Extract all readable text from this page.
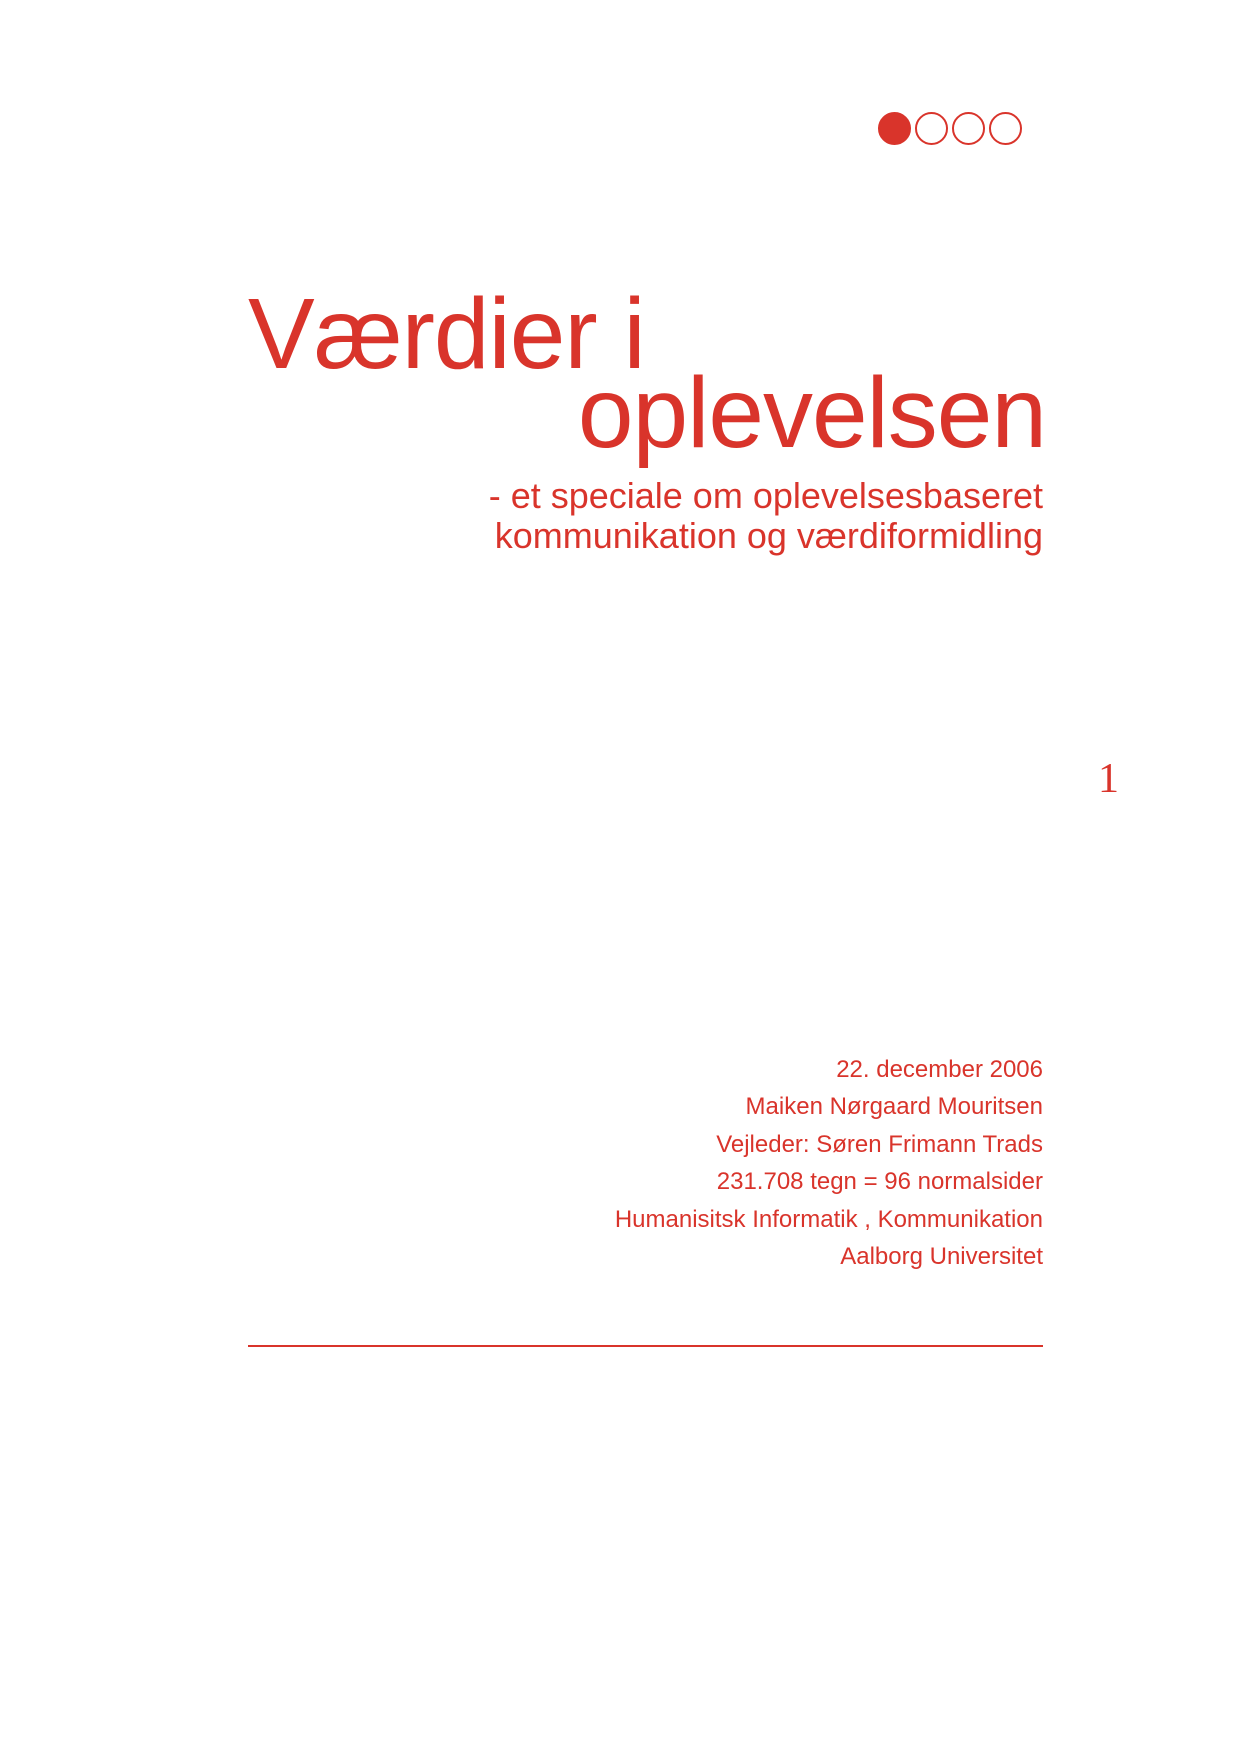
Værdier i
oplevelsen
- et speciale om oplevelsesbaseret
kommunikation og værdiformidling
1
22. december 2006
Maiken Nørgaard Mouritsen
Vejleder: Søren Frimann Trads
231.708 tegn = 96 normalsider
Humanisitsk Informatik , Kommunikation
Aalborg Universitet
